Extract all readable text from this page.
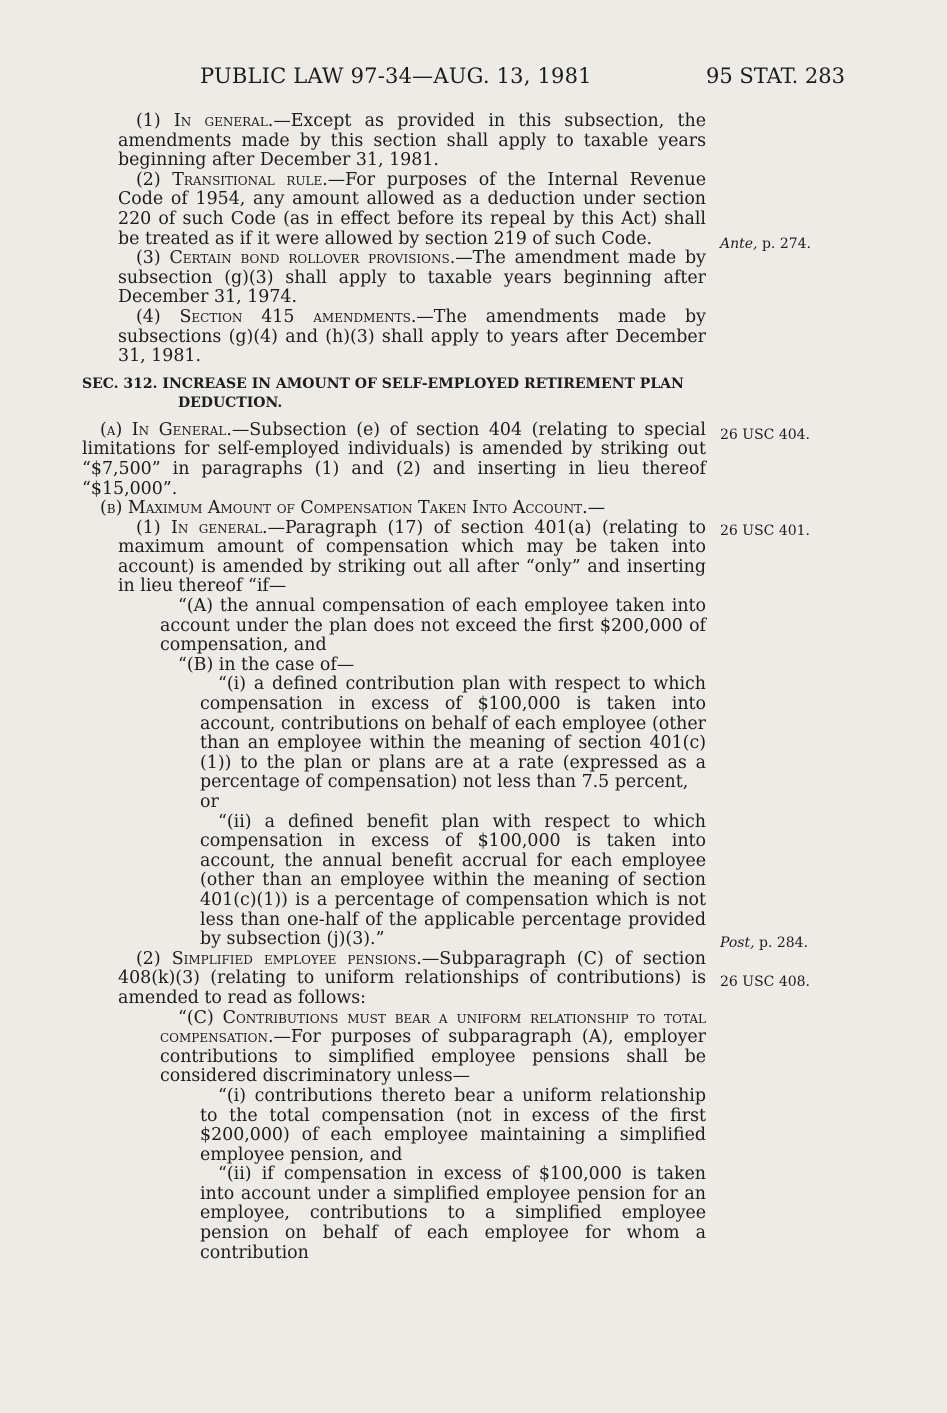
PUBLIC LAW 97-34—AUG. 13, 1981	95 STAT. 283

(1) In general.—Except as provided in this subsection, the amendments made by this section shall apply to taxable years beginning after December 31, 1981.

(2) Transitional rule.—For purposes of the Internal Revenue Code of 1954, any amount allowed as a deduction under section 220 of such Code (as in effect before its repeal by this Act) shall be treated as if it were allowed by section 219 of such Code.

(3) Certain bond rollover provisions.—The amendment made by subsection (g)(3) shall apply to taxable years beginning after December 31, 1974.

(4) Section 415 amendments.—The amendments made by subsections (g)(4) and (h)(3) shall apply to years after December 31, 1981.

SEC. 312. INCREASE IN AMOUNT OF SELF-EMPLOYED RETIREMENT PLAN DEDUCTION.

(a) In General.—Subsection (e) of section 404 (relating to special limitations for self-employed individuals) is amended by striking out “$7,500” in paragraphs (1) and (2) and inserting in lieu thereof “$15,000”.

(b) Maximum Amount of Compensation Taken Into Account.—

(1) In general.—Paragraph (17) of section 401(a) (relating to maximum amount of compensation which may be taken into account) is amended by striking out all after “only” and inserting in lieu thereof “if—

“(A) the annual compensation of each employee taken into account under the plan does not exceed the first $200,000 of compensation, and

“(B) in the case of—

“(i) a defined contribution plan with respect to which compensation in excess of $100,000 is taken into account, contributions on behalf of each employee (other than an employee within the meaning of section 401(c)(1)) to the plan or plans are at a rate (expressed as a percentage of compensation) not less than 7.5 percent,

or

“(ii) a defined benefit plan with respect to which compensation in excess of $100,000 is taken into account, the annual benefit accrual for each employee (other than an employee within the meaning of section 401(c)(1)) is a percentage of compensation which is not less than one-half of the applicable percentage provided by subsection (j)(3).”

(2) Simplified employee pensions.—Subparagraph (C) of section 408(k)(3) (relating to uniform relationships of contributions) is amended to read as follows:

“(C) Contributions must bear a uniform relationship to total compensation.—For purposes of subparagraph (A), employer contributions to simplified employee pensions shall be considered discriminatory unless—

“(i) contributions thereto bear a uniform relationship to the total compensation (not in excess of the first $200,000) of each employee maintaining a simplified employee pension, and

“(ii) if compensation in excess of $100,000 is taken into account under a simplified employee pension for an employee, contributions to a simplified employee pension on behalf of each employee for whom a contribution

Ante, p. 274.
26 USC 404.
26 USC 401.
Post, p. 284.
26 USC 408.
